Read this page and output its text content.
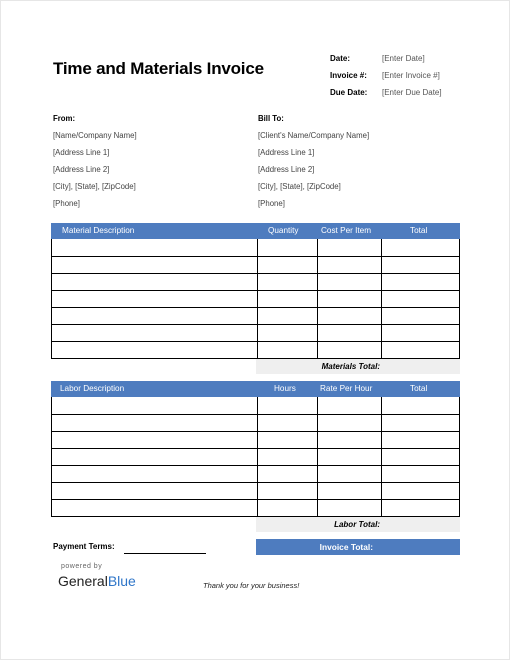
Time and Materials Invoice
Date:	[Enter Date]
Invoice #:	[Enter Invoice #]
Due Date:	[Enter Due Date]
From:
[Name/Company Name]
[Address Line 1]
[Address Line 2]
[City], [State], [ZipCode]
[Phone]
Bill To:
[Client's Name/Company Name]
[Address Line 1]
[Address Line 2]
[City], [State], [ZipCode]
[Phone]
Material Description	Quantity	Cost Per Item	Total
Materials Total:
Labor Description	Hours	Rate Per Hour	Total
Labor Total:
Payment Terms:	Invoice Total:
powered by
GeneralBlue	Thank you for your business!
